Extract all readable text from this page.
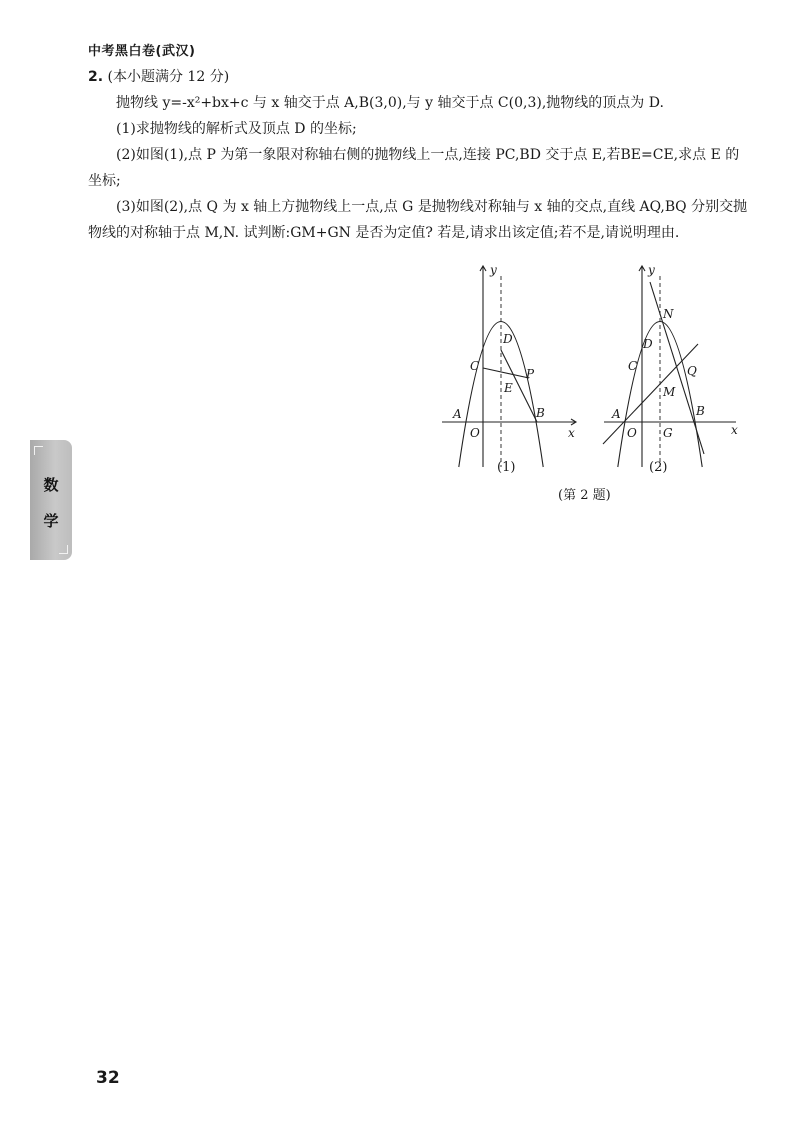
中考黑白卷(武汉)

2. (本小题满分 12 分)

抛物线 y=-x²+bx+c 与 x 轴交于点 A,B(3,0),与 y 轴交于点 C(0,3),抛物线的顶点为 D.

(1)求抛物线的解析式及顶点 D 的坐标;

(2)如图(1),点 P 为第一象限对称轴右侧的抛物线上一点,连接 PC,BD 交于点 E,若BE=CE,求点 E 的坐标;

(3)如图(2),点 Q 为 x 轴上方抛物线上一点,点 G 是抛物线对称轴与 x 轴的交点,直线 AQ,BQ 分别交抛物线的对称轴于点 M,N. 试判断:GM+GN 是否为定值? 若是,请求出该定值;若不是,请说明理由.

y
x
A
O
B
C
D
E
P
y
x
A
O
B
C
D
G
M
N
Q
(1)	(2)
(第 2 题)
数
学
32
